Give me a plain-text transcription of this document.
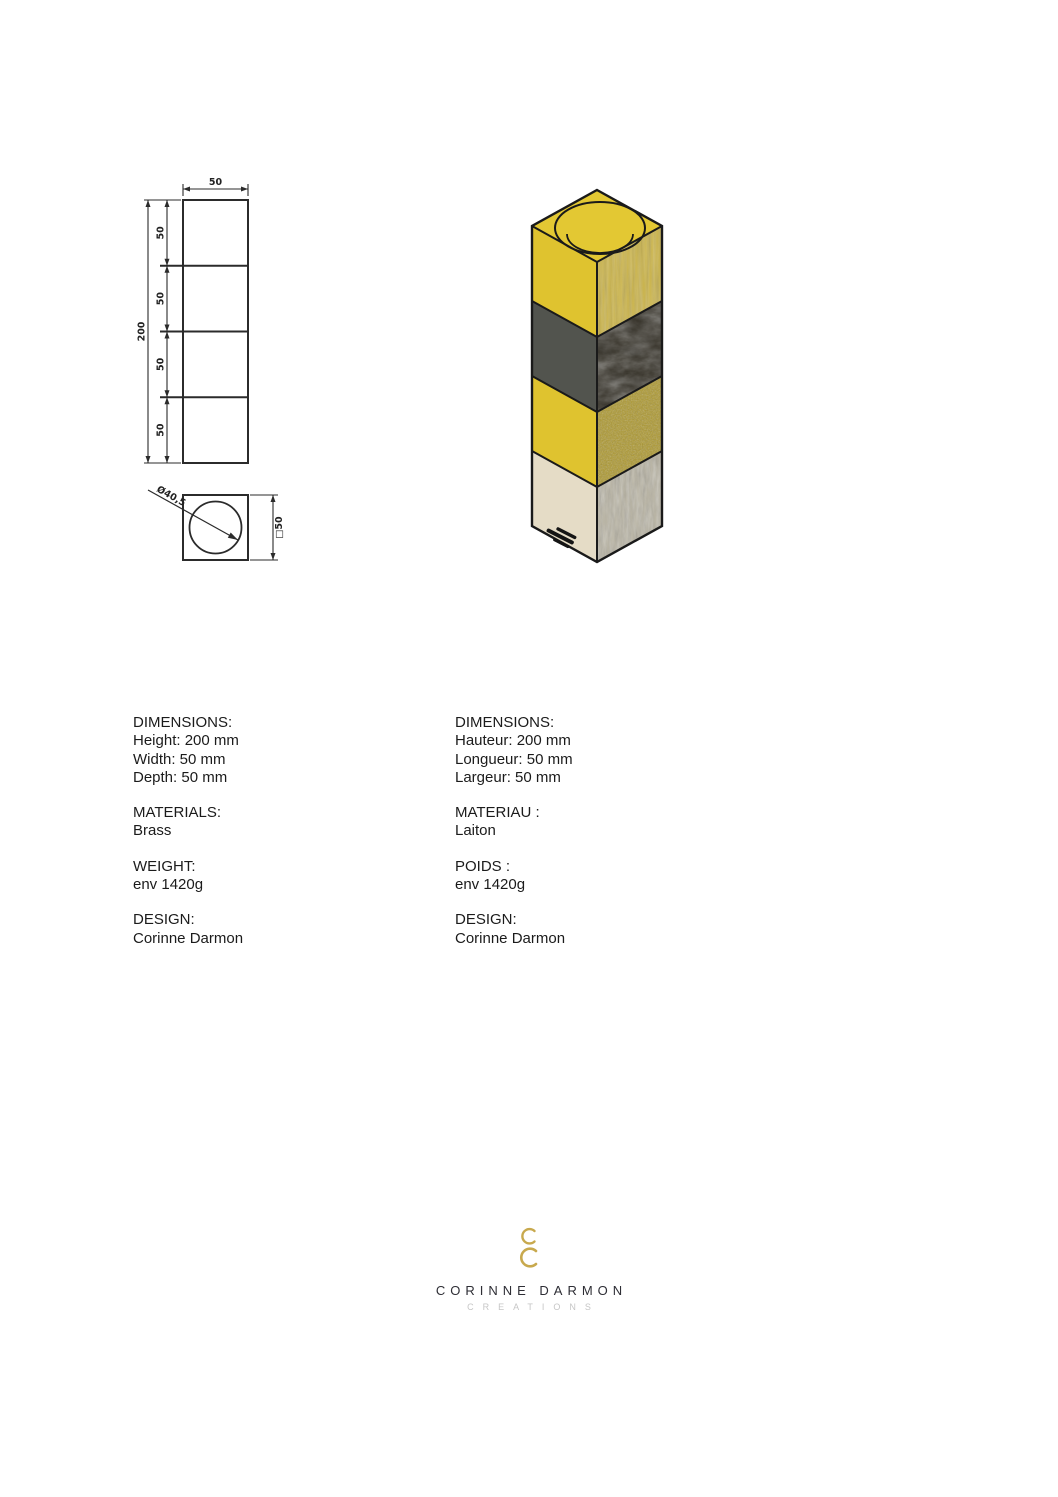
50
200
50
50
50
50
Ø40,5
□50
DIMENSIONS:
Height: 200 mm
Width: 50 mm
Depth: 50 mm
MATERIALS:
Brass
WEIGHT:
env 1420g
DESIGN:
Corinne Darmon
DIMENSIONS:
Hauteur: 200 mm
Longueur: 50 mm
Largeur: 50 mm
MATERIAU :
Laiton
POIDS :
env 1420g
DESIGN:
Corinne Darmon
CORINNE DARMON
CREATIONS
